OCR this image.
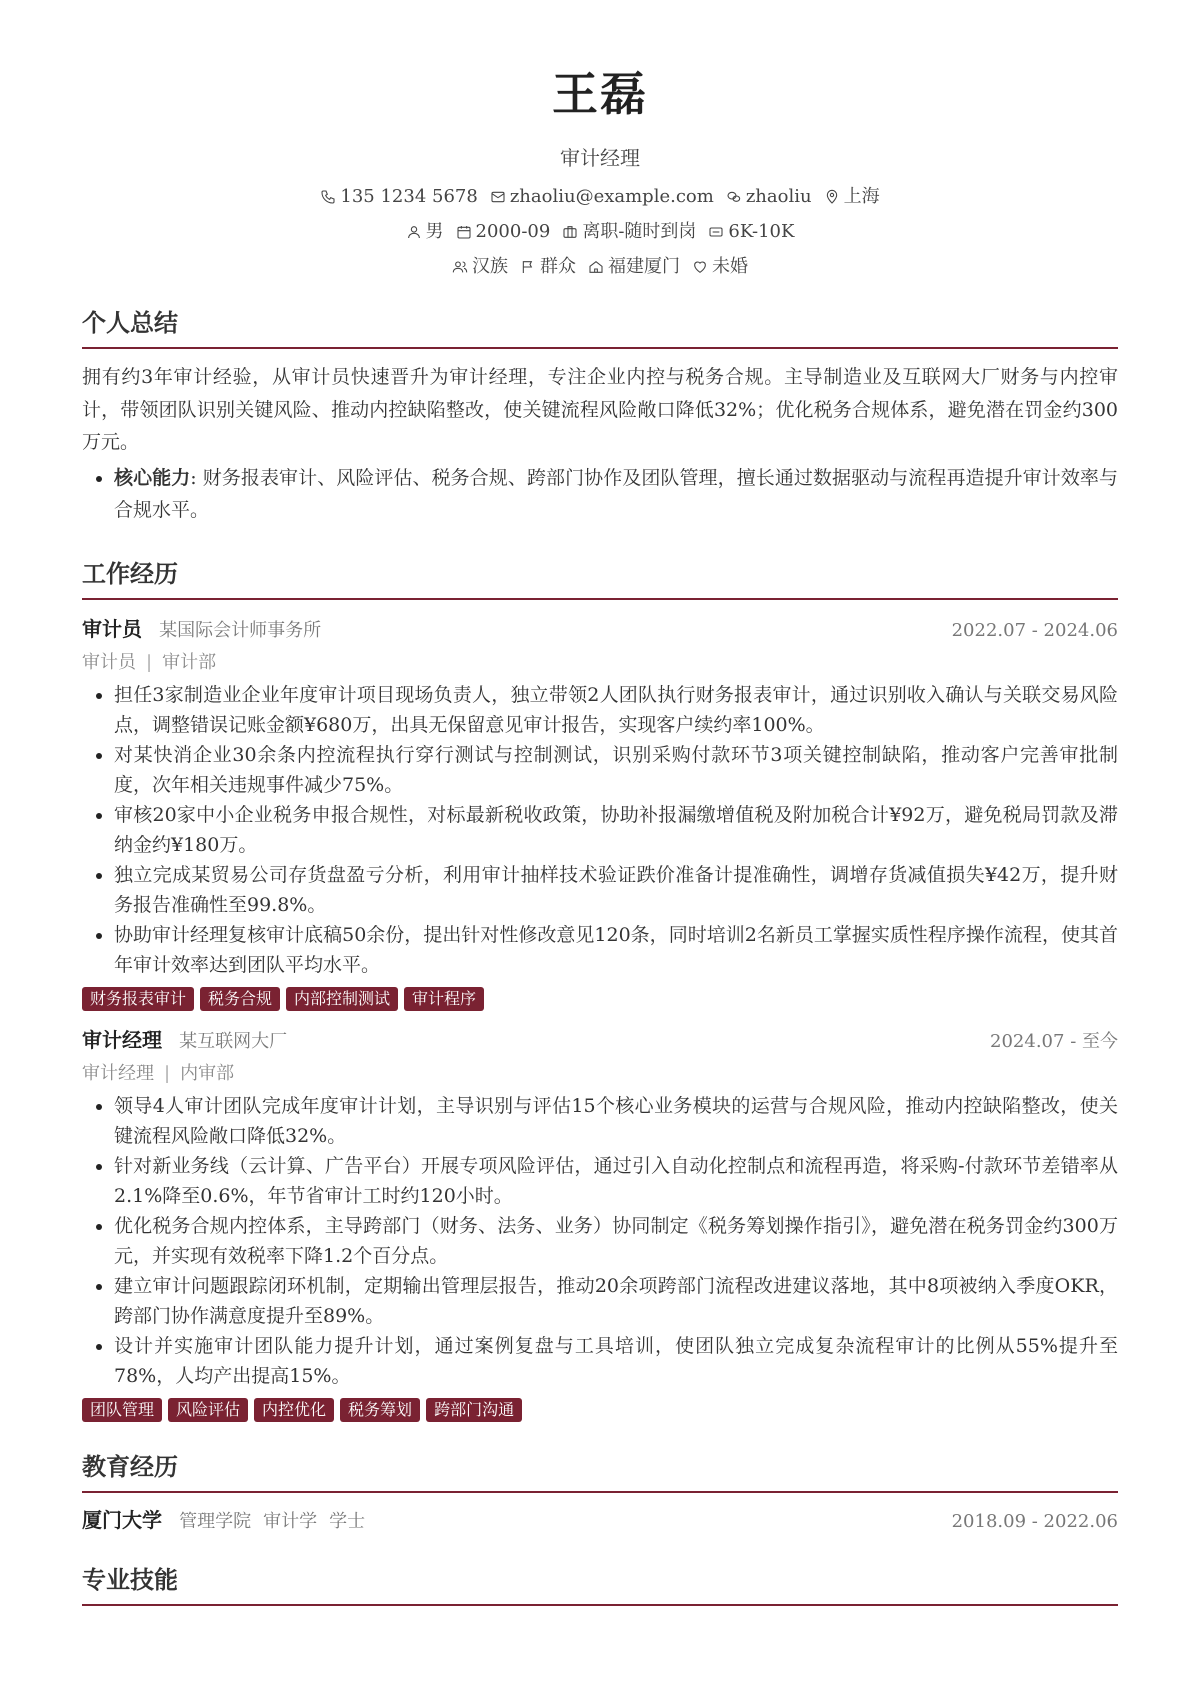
王磊
审计经理
135 1234 5678 zhaoliu@example.com zhaoliu 上海
男 2000-09 离职-随时到岗 6K-10K
汉族 群众 福建厦门 未婚
个人总结

拥有约3年审计经验，从审计员快速晋升为审计经理，专注企业内控与税务合规。主导制造业及互联网大厂财务与内控审计，带领团队识别关键风险、推动内控缺陷整改，使关键流程风险敞口降低32%；优化税务合规体系，避免潜在罚金约300万元。

• 核心能力: 财务报表审计、风险评估、税务合规、跨部门协作及团队管理，擅长通过数据驱动与流程再造提升审计效率与合规水平。
工作经历
审计员 某国际会计师事务所	2022.07 - 2024.06
审计员 | 审计部
• 担任3家制造业企业年度审计项目现场负责人，独立带领2人团队执行财务报表审计，通过识别收入确认与关联交易风险点，调整错误记账金额¥680万，出具无保留意见审计报告，实现客户续约率100%。
• 对某快消企业30余条内控流程执行穿行测试与控制测试，识别采购付款环节3项关键控制缺陷，推动客户完善审批制度，次年相关违规事件减少75%。
• 审核20家中小企业税务申报合规性，对标最新税收政策，协助补报漏缴增值税及附加税合计¥92万，避免税局罚款及滞纳金约¥180万。
• 独立完成某贸易公司存货盘盈亏分析，利用审计抽样技术验证跌价准备计提准确性，调增存货减值损失¥42万，提升财务报告准确性至99.8%。
• 协助审计经理复核审计底稿50余份，提出针对性修改意见120条，同时培训2名新员工掌握实质性程序操作流程，使其首年审计效率达到团队平均水平。
财务报表审计	税务合规	内部控制测试	审计程序
审计经理 某互联网大厂	2024.07 - 至今
审计经理 | 内审部
• 领导4人审计团队完成年度审计计划，主导识别与评估15个核心业务模块的运营与合规风险，推动内控缺陷整改，使关键流程风险敞口降低32%。
• 针对新业务线（云计算、广告平台）开展专项风险评估，通过引入自动化控制点和流程再造，将采购-付款环节差错率从2.1%降至0.6%，年节省审计工时约120小时。
• 优化税务合规内控体系，主导跨部门（财务、法务、业务）协同制定《税务筹划操作指引》，避免潜在税务罚金约300万元，并实现有效税率下降1.2个百分点。
• 建立审计问题跟踪闭环机制，定期输出管理层报告，推动20余项跨部门流程改进建议落地，其中8项被纳入季度OKR，跨部门协作满意度提升至89%。
• 设计并实施审计团队能力提升计划，通过案例复盘与工具培训，使团队独立完成复杂流程审计的比例从55%提升至78%，人均产出提高15%。
团队管理	风险评估	内控优化	税务筹划	跨部门沟通
教育经历
厦门大学 管理学院 审计学 学士	2018.09 - 2022.06
专业技能
